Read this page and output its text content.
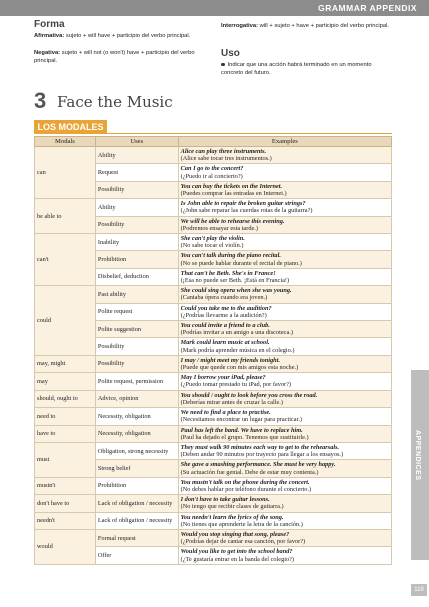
GRAMMAR APPENDIX
Forma
Afirmativa: sujeto + will have + participio del verbo principal.
Negativa: sujeto + will not (o won't) have + participio del verbo principal.
Interrogativa: will + sujeto + have + participio del verbo principal.
Uso
Indicar que una acción habrá terminado en un momento concreto del futuro.
3 Face the Music
LOS MODALES
Modals	Uses	Examples
can	Ability	Alice can play three instruments.
(Alice sabe tocar tres instrumentos.)

	Request	Can I go to the concert?
(¿Puedo ir al concierto?)

	Possibility	You can buy the tickets on the Internet.
(Puedes comprar las entradas en Internet.)

be able to	Ability	Is John able to repair the broken guitar strings?
(¿John sabe reparar las cuerdas rotas de la guitarra?)

	Possibility	We will be able to rehearse this evening.
(Podremos ensayar esta tarde.)

can't	Inability	She can't play the violin.
(No sabe tocar el violín.)

	Prohibition	You can't talk during the piano recital.
(No se puede hablar durante el recital de piano.)

	Disbelief, deduction	That can't be Beth. She's in France!
(¡Esa no puede ser Beth. ¡Está en Francia!)

could	Past ability	She could sing opera when she was young.
(Cantaba ópera cuando era joven.)

	Polite request	Could you take me to the audition?
(¿Podrías llevarme a la audición?)

	Polite suggestion	You could invite a friend to a club.
(Podrías invitar a un amigo a una discoteca.)

	Possibility	Mark could learn music at school.
(Mark podría aprender música en el colegio.)

may, might	Possibility	I may / might meet my friends tonight.
(Puede que quede con mis amigos esta noche.)

may	Polite request, permission	May I borrow your iPad, please?
(¿Puedo tomar prestado tu iPad, por favor?)

should, ought to	Advice, opinion	You should / ought to look before you cross the road.
(Deberías mirar antes de cruzar la calle.)

need to	Necessity, obligation	We need to find a place to practise.
(Necesitamos encontrar un lugar para practicar.)

have to	Necessity, obligation	Paul has left the band. We have to replace him.
(Paul ha dejado el grupo. Tenemos que sustituirle.)

must	Obligation, strong necessity	They must walk 90 minutes each way to get to the rehearsals.
(Deben andar 90 minutos por trayecto para llegar a los ensayos.)

	Strong belief	She gave a smashing performance. She must be very happy.
(Su actuación fue genial. Debe de estar muy contenta.)

mustn't	Prohibition	You mustn't talk on the phone during the concert.
(No debes hablar por teléfono durante el concierto.)

don't have to	Lack of obligation / necessity	I don't have to take guitar lessons.
(No tengo que recibir clases de guitarra.)

needn't	Lack of obligation / necessity	You needn't learn the lyrics of the song.
(No tienes que aprenderte la letra de la canción.)

would	Formal request	Would you stop singing that song, please?
(¿Podrías dejar de cantar esa canción, por favor?)

	Offer	Would you like to get into the school band?
(¿Te gustaría entrar en la banda del colegio?)
APPENDICES
119
